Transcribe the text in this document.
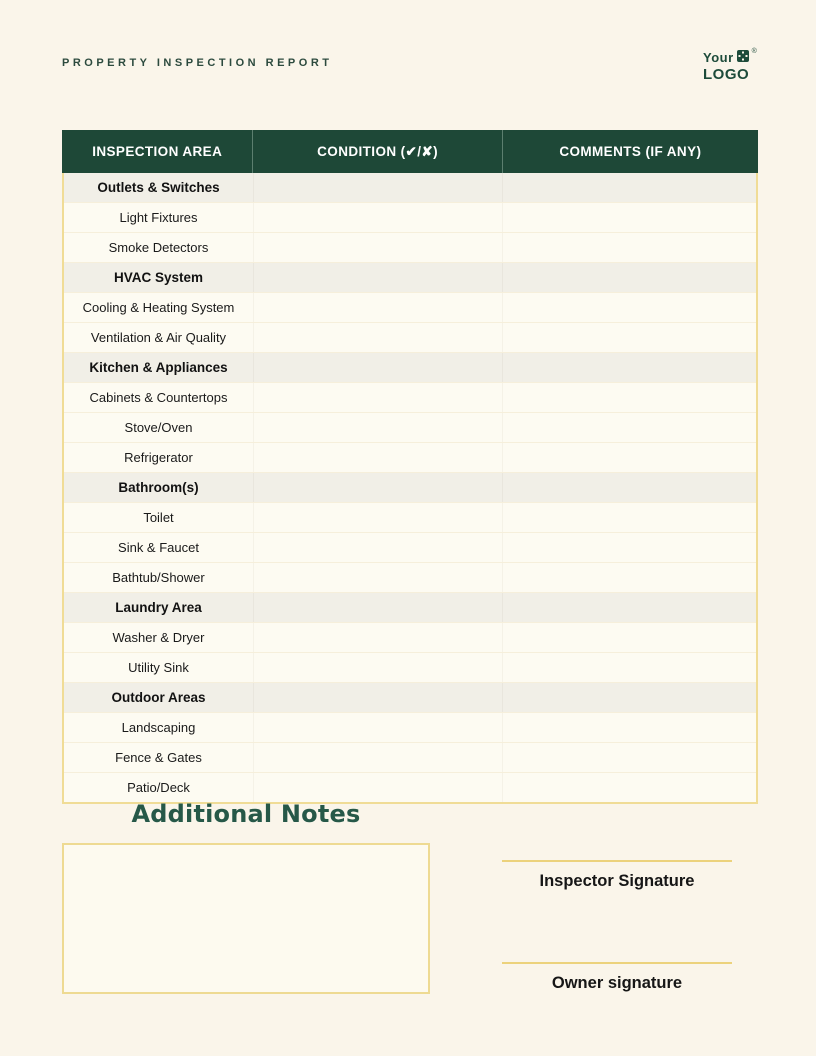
PROPERTY INSPECTION REPORT	Your	®
LOGO
INSPECTION AREA	CONDITION (✔/✘)	COMMENTS (IF ANY)
Outlets & Switches
Light Fixtures
Smoke Detectors
HVAC System
Cooling & Heating System
Ventilation & Air Quality
Kitchen & Appliances
Cabinets & Countertops
Stove/Oven
Refrigerator
Bathroom(s)
Toilet
Sink & Faucet
Bathtub/Shower
Laundry Area
Washer & Dryer
Utility Sink
Outdoor Areas
Landscaping
Fence & Gates
Patio/Deck
Additional Notes
Inspector Signature
Owner signature
